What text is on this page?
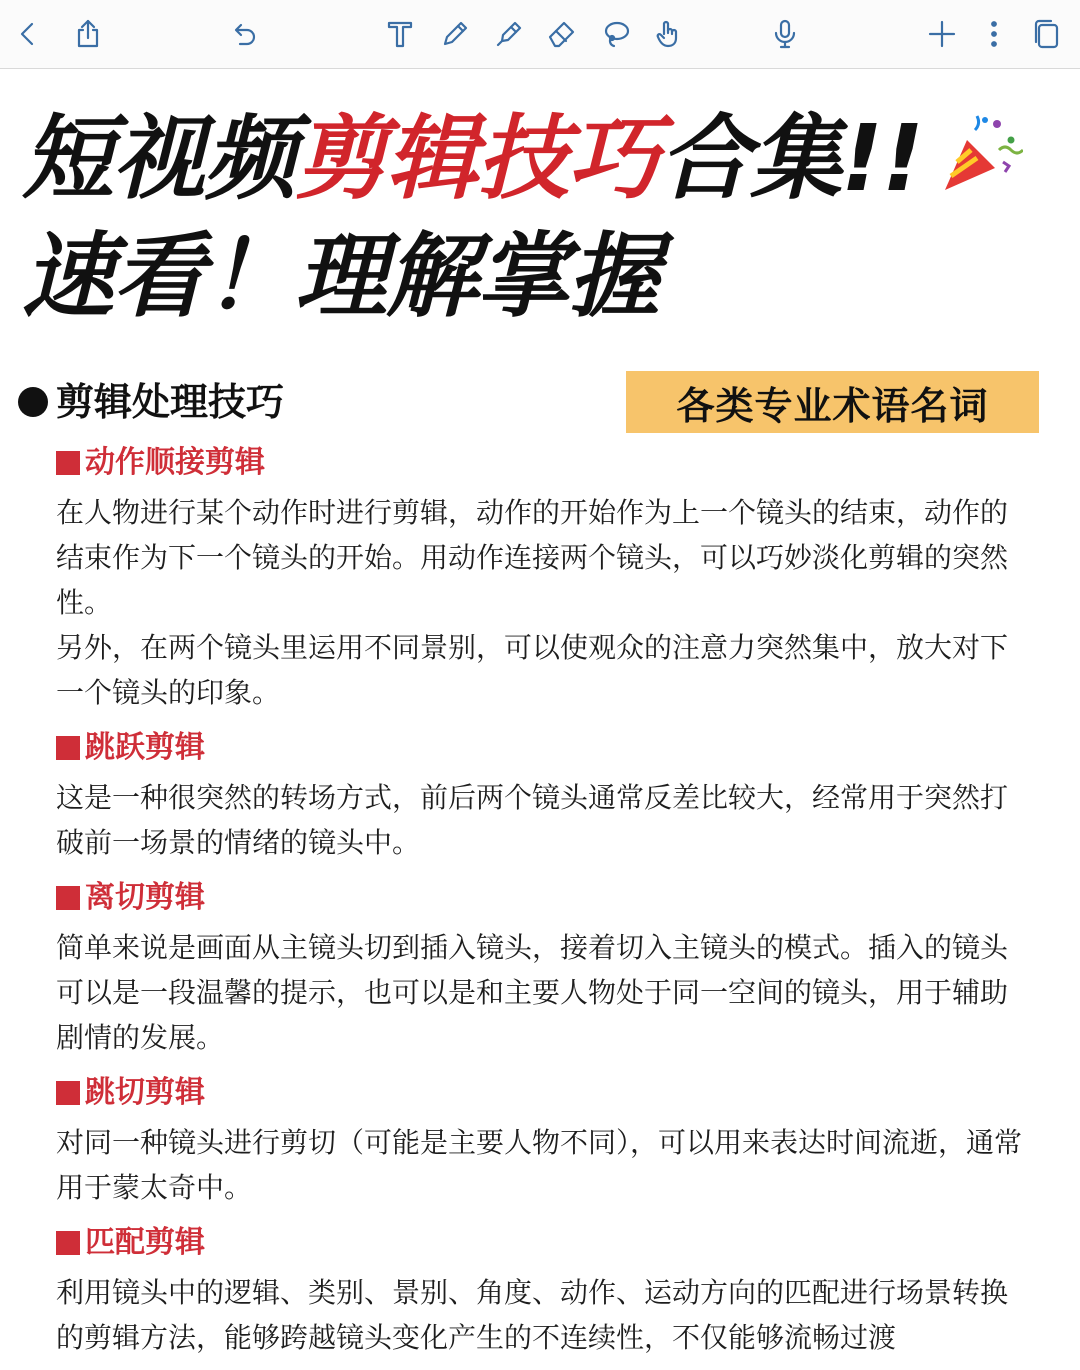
短视频剪辑技巧合集!!
速看！理解掌握
剪辑处理技巧	各类专业术语名词
动作顺接剪辑

在人物进行某个动作时进行剪辑，动作的开始作为上一个镜头的结束，动作的结束作为下一个镜头的开始。用动作连接两个镜头，可以巧妙淡化剪辑的突然性。

另外，在两个镜头里运用不同景别，可以使观众的注意力突然集中，放大对下一个镜头的印象。

跳跃剪辑

这是一种很突然的转场方式，前后两个镜头通常反差比较大，经常用于突然打破前一场景的情绪的镜头中。

离切剪辑

简单来说是画面从主镜头切到插入镜头，接着切入主镜头的模式。插入的镜头可以是一段温馨的提示，也可以是和主要人物处于同一空间的镜头，用于辅助剧情的发展。

跳切剪辑

对同一种镜头进行剪切（可能是主要人物不同），可以用来表达时间流逝，通常用于蒙太奇中。

匹配剪辑

利用镜头中的逻辑、类别、景别、角度、动作、运动方向的匹配进行场景转换的剪辑方法，能够跨越镜头变化产生的不连续性，不仅能够流畅过渡
